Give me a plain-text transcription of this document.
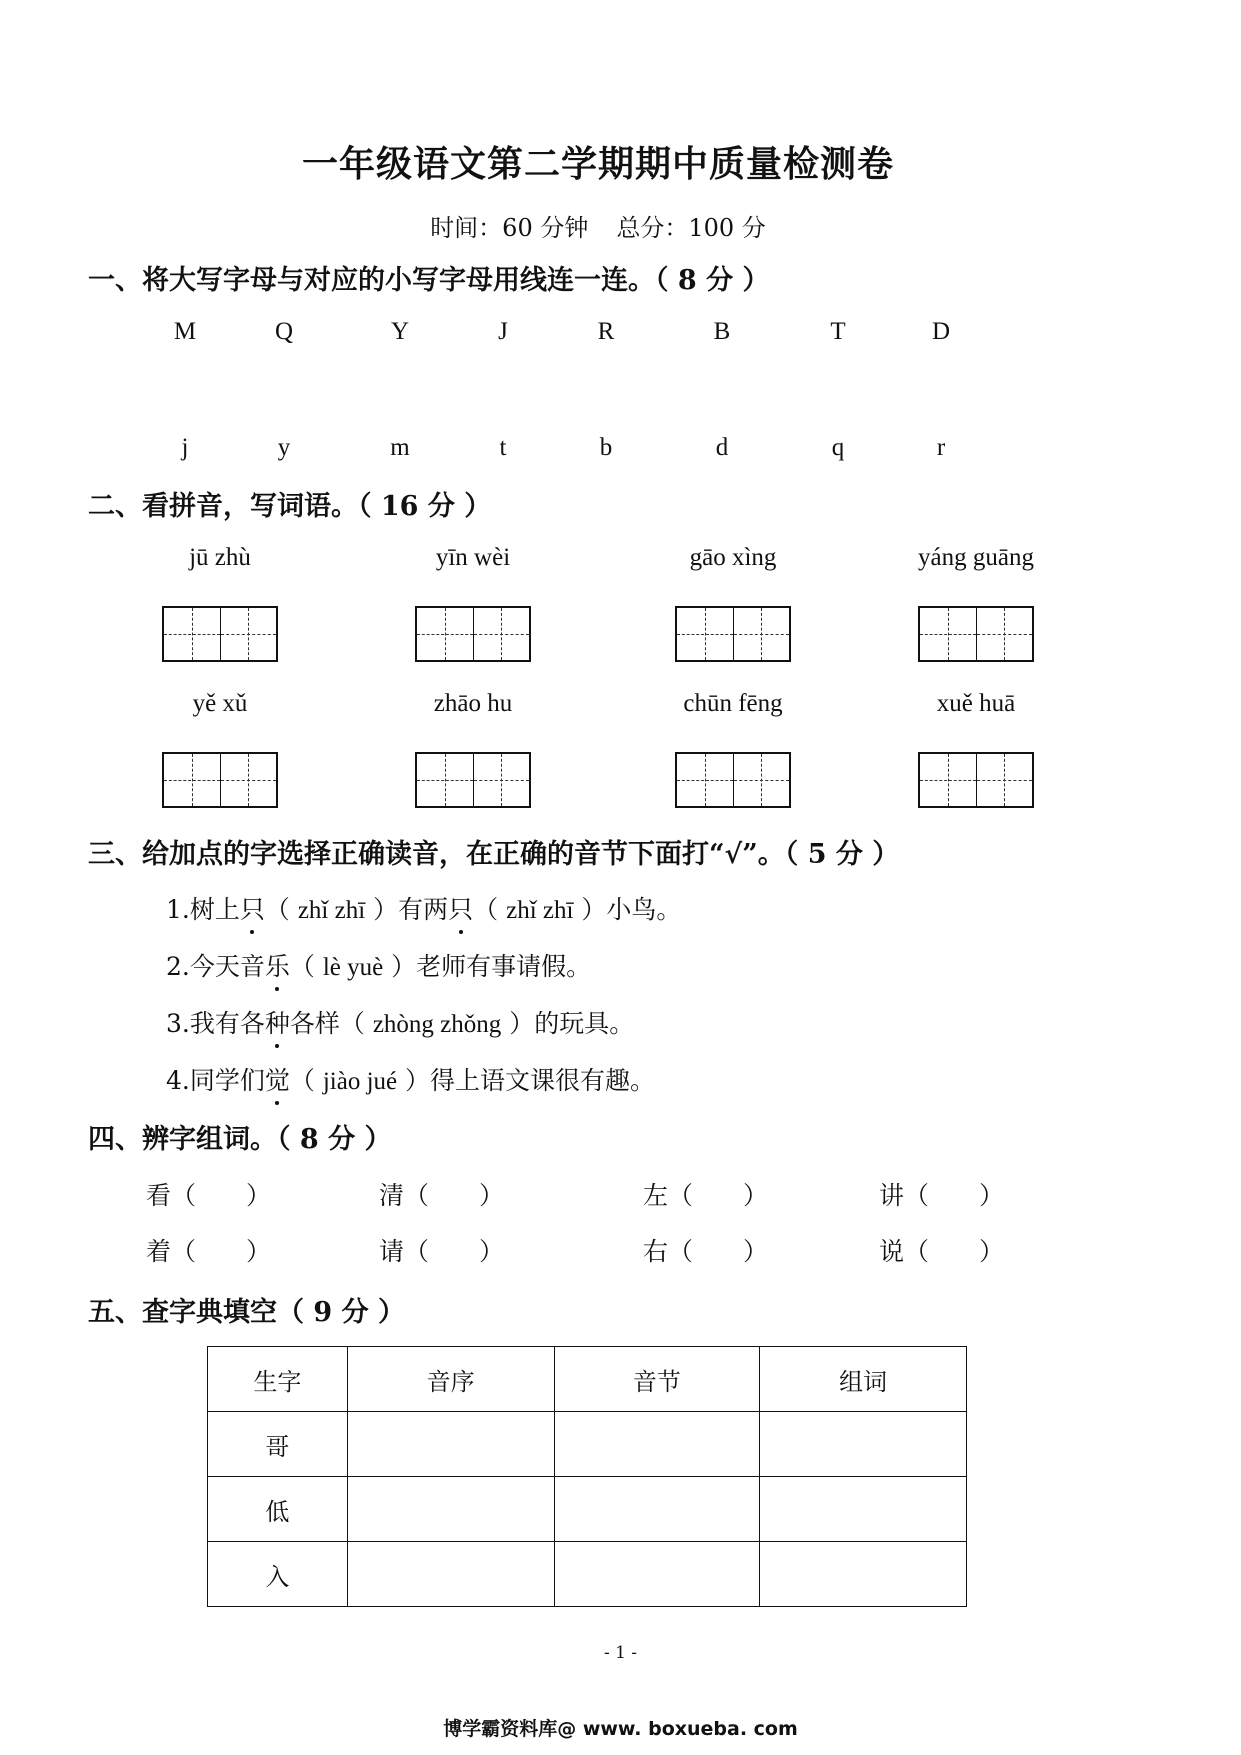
一年级语文第二学期期中质量检测卷
时间：60 分钟 总分：100 分
一、将大写字母与对应的小写字母用线连一连。（ 8 分 ）
M	Q	Y	J	R	B	T	D
j	y	m	t	b	d	q	r
二、看拼音，写词语。（ 16 分 ）
jū zhù	yīn wèi	gāo xìng	yáng guāng
yě xǔ	zhāo hu	chūn fēng	xuě huā
三、给加点的字选择正确读音，在正确的音节下面打“√”。（ 5 分 ）
1.树上只（ zhǐ zhī ）有两只（ zhǐ zhī ）小鸟。
2.今天音乐（ lè yuè ）老师有事请假。
3.我有各种各样（ zhòng zhǒng ）的玩具。
4.同学们觉（ jiào jué ）得上语文课很有趣。
四、辨字组词。（ 8 分 ）
看（ ）	清（ ）	左（ ）	讲（ ）
着（ ）	请（ ）	右（ ）	说（ ）
五、查字典填空（ 9 分 ）
生字	音序	音节	组词
哥			
低			
入			
- 1 -
博学霸资料库@ www. boxueba. com
